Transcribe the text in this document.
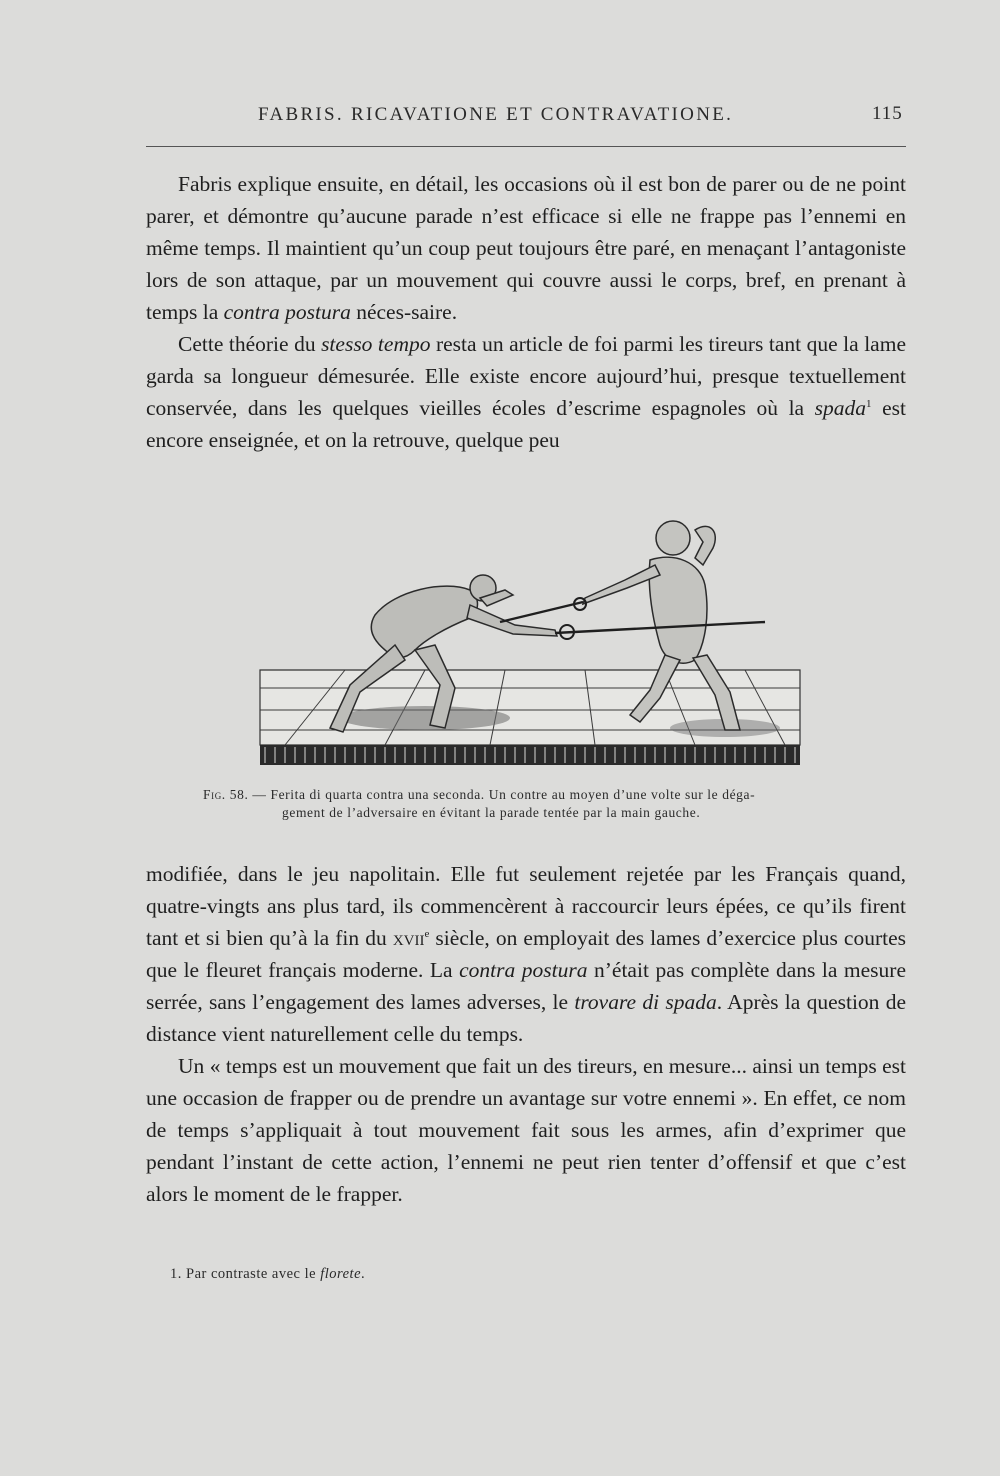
FABRIS. RICAVATIONE ET CONTRAVATIONE.	115

Fabris explique ensuite, en détail, les occasions où il est bon de parer ou de ne point parer, et démontre qu’aucune parade n’est efficace si elle ne frappe pas l’ennemi en même temps. Il maintient qu’un coup peut toujours être paré, en menaçant l’antagoniste lors de son attaque, par un mouvement qui couvre aussi le corps, bref, en prenant à temps la contra postura néces-saire.

Cette théorie du stesso tempo resta un article de foi parmi les tireurs tant que la lame garda sa longueur démesurée. Elle existe encore aujourd’hui, presque textuellement conservée, dans les quelques vieilles écoles d’escrime espagnoles où la spada$^1$ est encore enseignée, et on la retrouve, quelque peu

Fig. 58. — Ferita di quarta contra una seconda. Un contre au moyen d’une volte sur le déga-
gement de l’adversaire en évitant la parade tentée par la main gauche.

modifiée, dans le jeu napolitain. Elle fut seulement rejetée par les Français quand, quatre-vingts ans plus tard, ils commencèrent à raccourcir leurs épées, ce qu’ils firent tant et si bien qu’à la fin du xvii$^e$ siècle, on employait des lames d’exercice plus courtes que le fleuret français moderne. La contra postura n’était pas complète dans la mesure serrée, sans l’engagement des lames adverses, le trovare di spada. Après la question de distance vient naturellement celle du temps.

Un « temps est un mouvement que fait un des tireurs, en mesure... ainsi un temps est une occasion de frapper ou de prendre un avantage sur votre ennemi ». En effet, ce nom de temps s’appliquait à tout mouvement fait sous les armes, afin d’exprimer que pendant l’instant de cette action, l’ennemi ne peut rien tenter d’offensif et que c’est alors le moment de le frapper.

1. Par contraste avec le florete.
